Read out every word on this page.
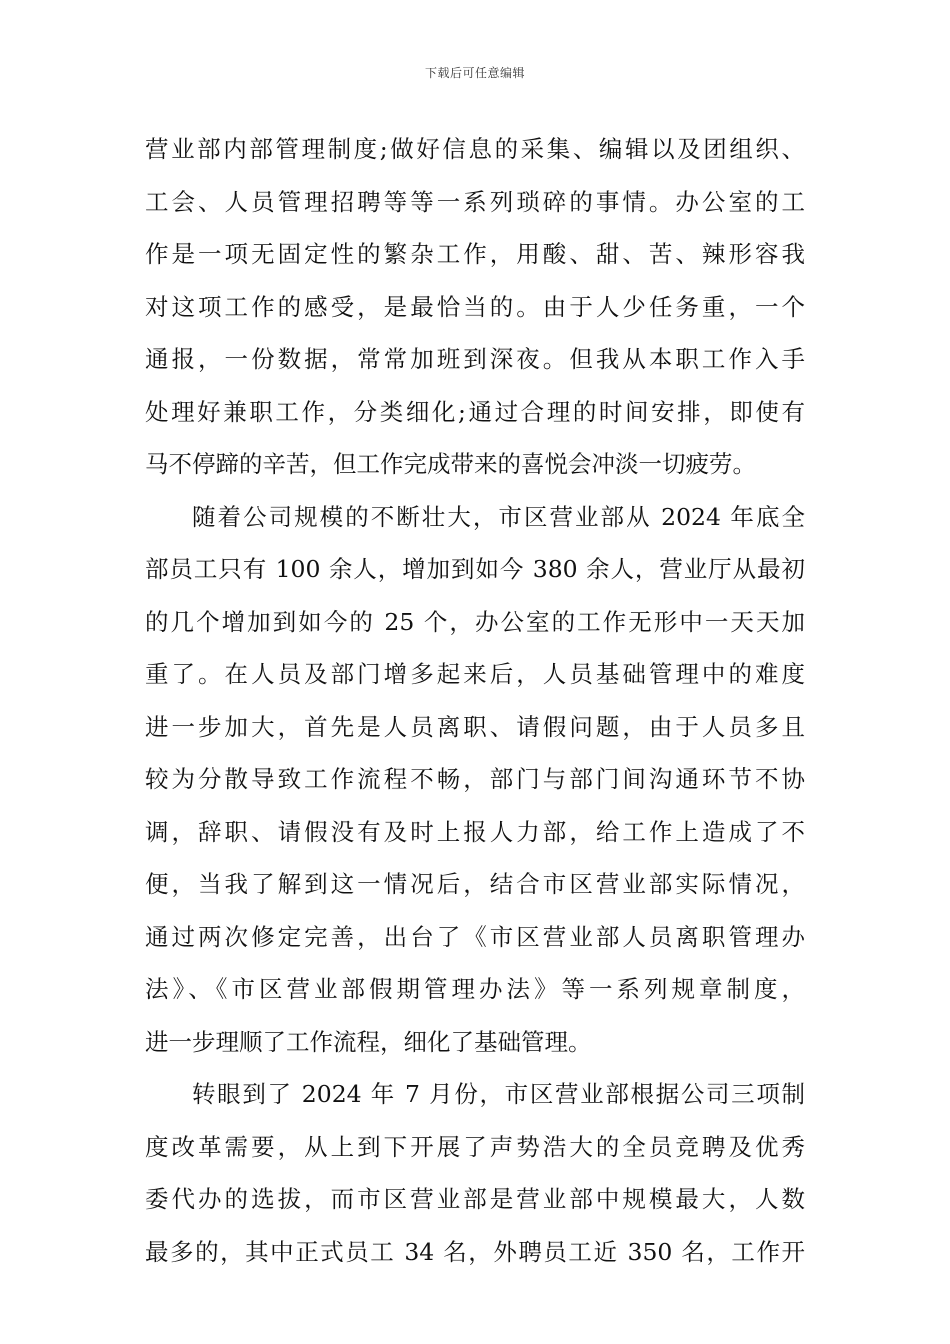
下载后可任意编辑
营业部内部管理制度;做好信息的采集、编辑以及团组织、
工会、人员管理招聘等等一系列琐碎的事情。办公室的工
作是一项无固定性的繁杂工作，用酸、甜、苦、辣形容我
对这项工作的感受，是最恰当的。由于人少任务重，一个
通报，一份数据，常常加班到深夜。但我从本职工作入手
处理好兼职工作，分类细化;通过合理的时间安排，即使有
马不停蹄的辛苦，但工作完成带来的喜悦会冲淡一切疲劳。
随着公司规模的不断壮大，市区营业部从 2024 年底全
部员工只有 100 余人，增加到如今 380 余人，营业厅从最初
的几个增加到如今的 25 个，办公室的工作无形中一天天加
重了。在人员及部门增多起来后，人员基础管理中的难度
进一步加大，首先是人员离职、请假问题，由于人员多且
较为分散导致工作流程不畅，部门与部门间沟通环节不协
调，辞职、请假没有及时上报人力部，给工作上造成了不
便，当我了解到这一情况后，结合市区营业部实际情况，
通过两次修定完善，出台了《市区营业部人员离职管理办
法》、《市区营业部假期管理办法》等一系列规章制度，
进一步理顺了工作流程，细化了基础管理。
转眼到了 2024 年 7 月份，市区营业部根据公司三项制
度改革需要，从上到下开展了声势浩大的全员竞聘及优秀
委代办的选拔，而市区营业部是营业部中规模最大，人数
最多的，其中正式员工 34 名，外聘员工近 350 名，工作开
